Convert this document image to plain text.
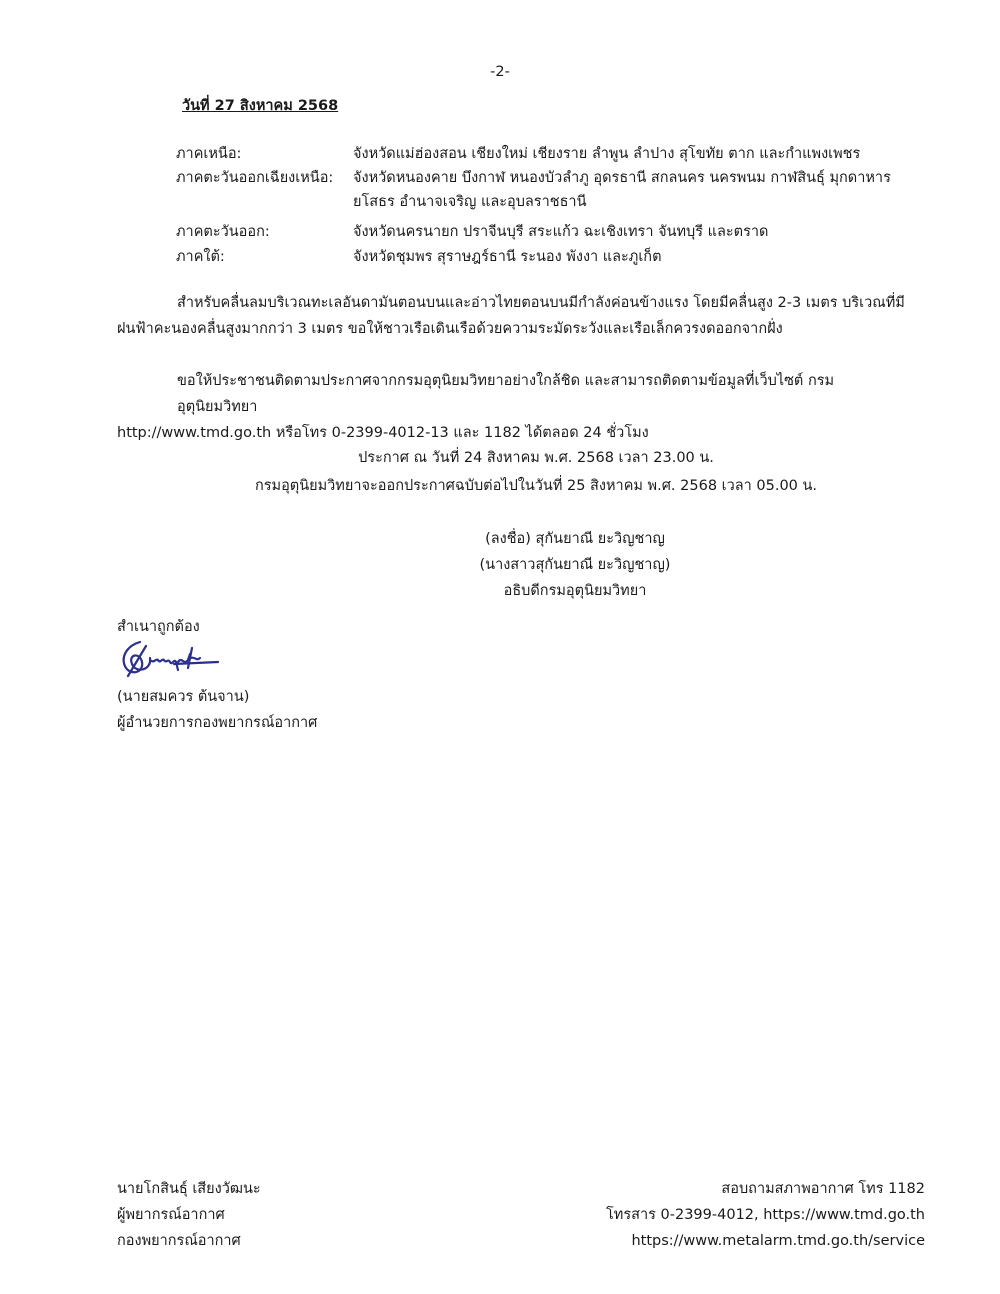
-2-
วันที่ 27 สิงหาคม 2568
ภาคเหนือ:	จังหวัดแม่ฮ่องสอน เชียงใหม่ เชียงราย ลำพูน ลำปาง สุโขทัย ตาก และกำแพงเพชร
ภาคตะวันออกเฉียงเหนือ: จังหวัดหนองคาย บึงกาฬ หนองบัวลำภู อุดรธานี สกลนคร นครพนม กาฬสินธุ์ มุกดาหาร ยโสธร อำนาจเจริญ และอุบลราชธานี
ภาคตะวันออก:	จังหวัดนครนายก ปราจีนบุรี สระแก้ว ฉะเชิงเทรา จันทบุรี และตราด
ภาคใต้:	จังหวัดชุมพร สุราษฎร์ธานี ระนอง พังงา และภูเก็ต
สำหรับคลื่นลมบริเวณทะเลอันดามันตอนบนและอ่าวไทยตอนบนมีกำลังค่อนข้างแรง โดยมีคลื่นสูง 2-3 เมตร บริเวณที่มี
ฝนฟ้าคะนองคลื่นสูงมากกว่า 3 เมตร ขอให้ชาวเรือเดินเรือด้วยความระมัดระวังและเรือเล็กควรงดออกจากฝั่ง
ขอให้ประชาชนติดตามประกาศจากกรมอุตุนิยมวิทยาอย่างใกล้ชิด และสามารถติดตามข้อมูลที่เว็บไซต์ กรมอุตุนิยมวิทยา
http://www.tmd.go.th หรือโทร 0-2399-4012-13 และ 1182 ได้ตลอด 24 ชั่วโมง
ประกาศ ณ วันที่ 24 สิงหาคม พ.ศ. 2568 เวลา 23.00 น.
กรมอุตุนิยมวิทยาจะออกประกาศฉบับต่อไปในวันที่ 25 สิงหาคม พ.ศ. 2568 เวลา 05.00 น.
(ลงชื่อ) สุกันยาณี ยะวิญชาญ
(นางสาวสุกันยาณี ยะวิญชาญ)
อธิบดีกรมอุตุนิยมวิทยา
สำเนาถูกต้อง
(นายสมควร ต้นจาน)
ผู้อำนวยการกองพยากรณ์อากาศ
นายโกสินธุ์ เสียงวัฒนะ
ผู้พยากรณ์อากาศ
กองพยากรณ์อากาศ
สอบถามสภาพอากาศ โทร 1182
โทรสาร 0-2399-4012, https://www.tmd.go.th
https://www.metalarm.tmd.go.th/service
